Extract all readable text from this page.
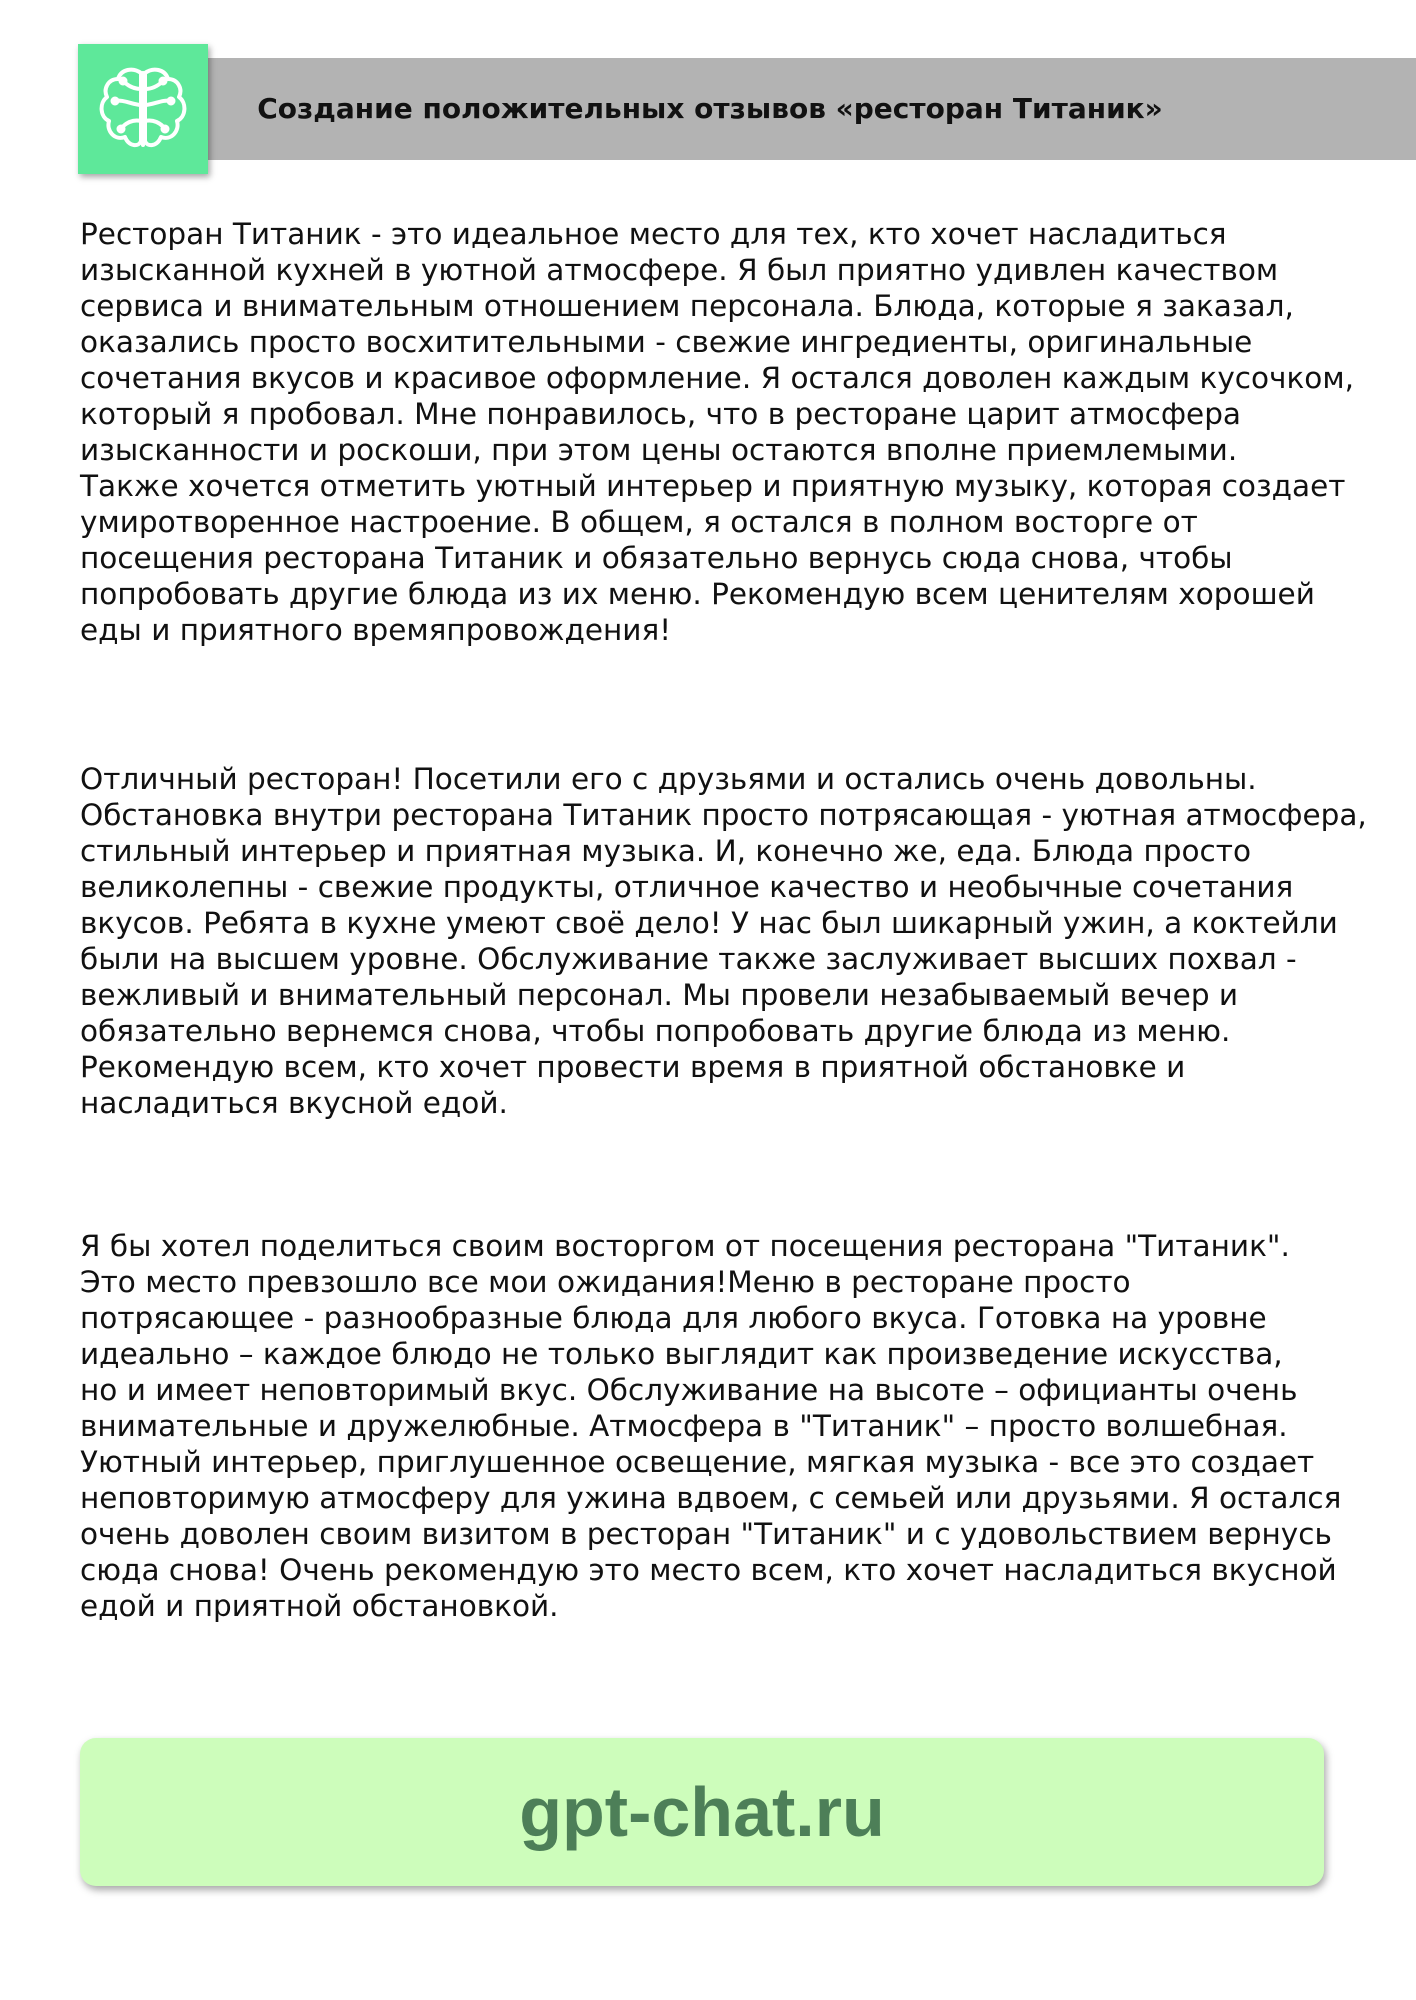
Создание положительных отзывов «ресторан Титаник»

Ресторан Титаник - это идеальное место для тех, кто хочет насладиться
изысканной кухней в уютной атмосфере. Я был приятно удивлен качеством
сервиса и внимательным отношением персонала. Блюда, которые я заказал,
оказались просто восхитительными - свежие ингредиенты, оригинальные
сочетания вкусов и красивое оформление. Я остался доволен каждым кусочком,
который я пробовал. Мне понравилось, что в ресторане царит атмосфера
изысканности и роскоши, при этом цены остаются вполне приемлемыми.
Также хочется отметить уютный интерьер и приятную музыку, которая создает
умиротворенное настроение. В общем, я остался в полном восторге от
посещения ресторана Титаник и обязательно вернусь сюда снова, чтобы
попробовать другие блюда из их меню. Рекомендую всем ценителям хорошей
еды и приятного времяпровождения!

Отличный ресторан! Посетили его с друзьями и остались очень довольны.
Обстановка внутри ресторана Титаник просто потрясающая - уютная атмосфера,
стильный интерьер и приятная музыка. И, конечно же, еда. Блюда просто
великолепны - свежие продукты, отличное качество и необычные сочетания
вкусов. Ребята в кухне умеют своё дело! У нас был шикарный ужин, а коктейли
были на высшем уровне. Обслуживание также заслуживает высших похвал -
вежливый и внимательный персонал. Мы провели незабываемый вечер и
обязательно вернемся снова, чтобы попробовать другие блюда из меню.
Рекомендую всем, кто хочет провести время в приятной обстановке и
насладиться вкусной едой.

Я бы хотел поделиться своим восторгом от посещения ресторана "Титаник".
Это место превзошло все мои ожидания!Меню в ресторане просто
потрясающее - разнообразные блюда для любого вкуса. Готовка на уровне
идеально – каждое блюдо не только выглядит как произведение искусства,
но и имеет неповторимый вкус. Обслуживание на высоте – официанты очень
внимательные и дружелюбные. Атмосфера в "Титаник" – просто волшебная.
Уютный интерьер, приглушенное освещение, мягкая музыка - все это создает
неповторимую атмосферу для ужина вдвоем, с семьей или друзьями. Я остался
очень доволен своим визитом в ресторан "Титаник" и с удовольствием вернусь
сюда снова! Очень рекомендую это место всем, кто хочет насладиться вкусной
едой и приятной обстановкой.

gpt-chat.ru
